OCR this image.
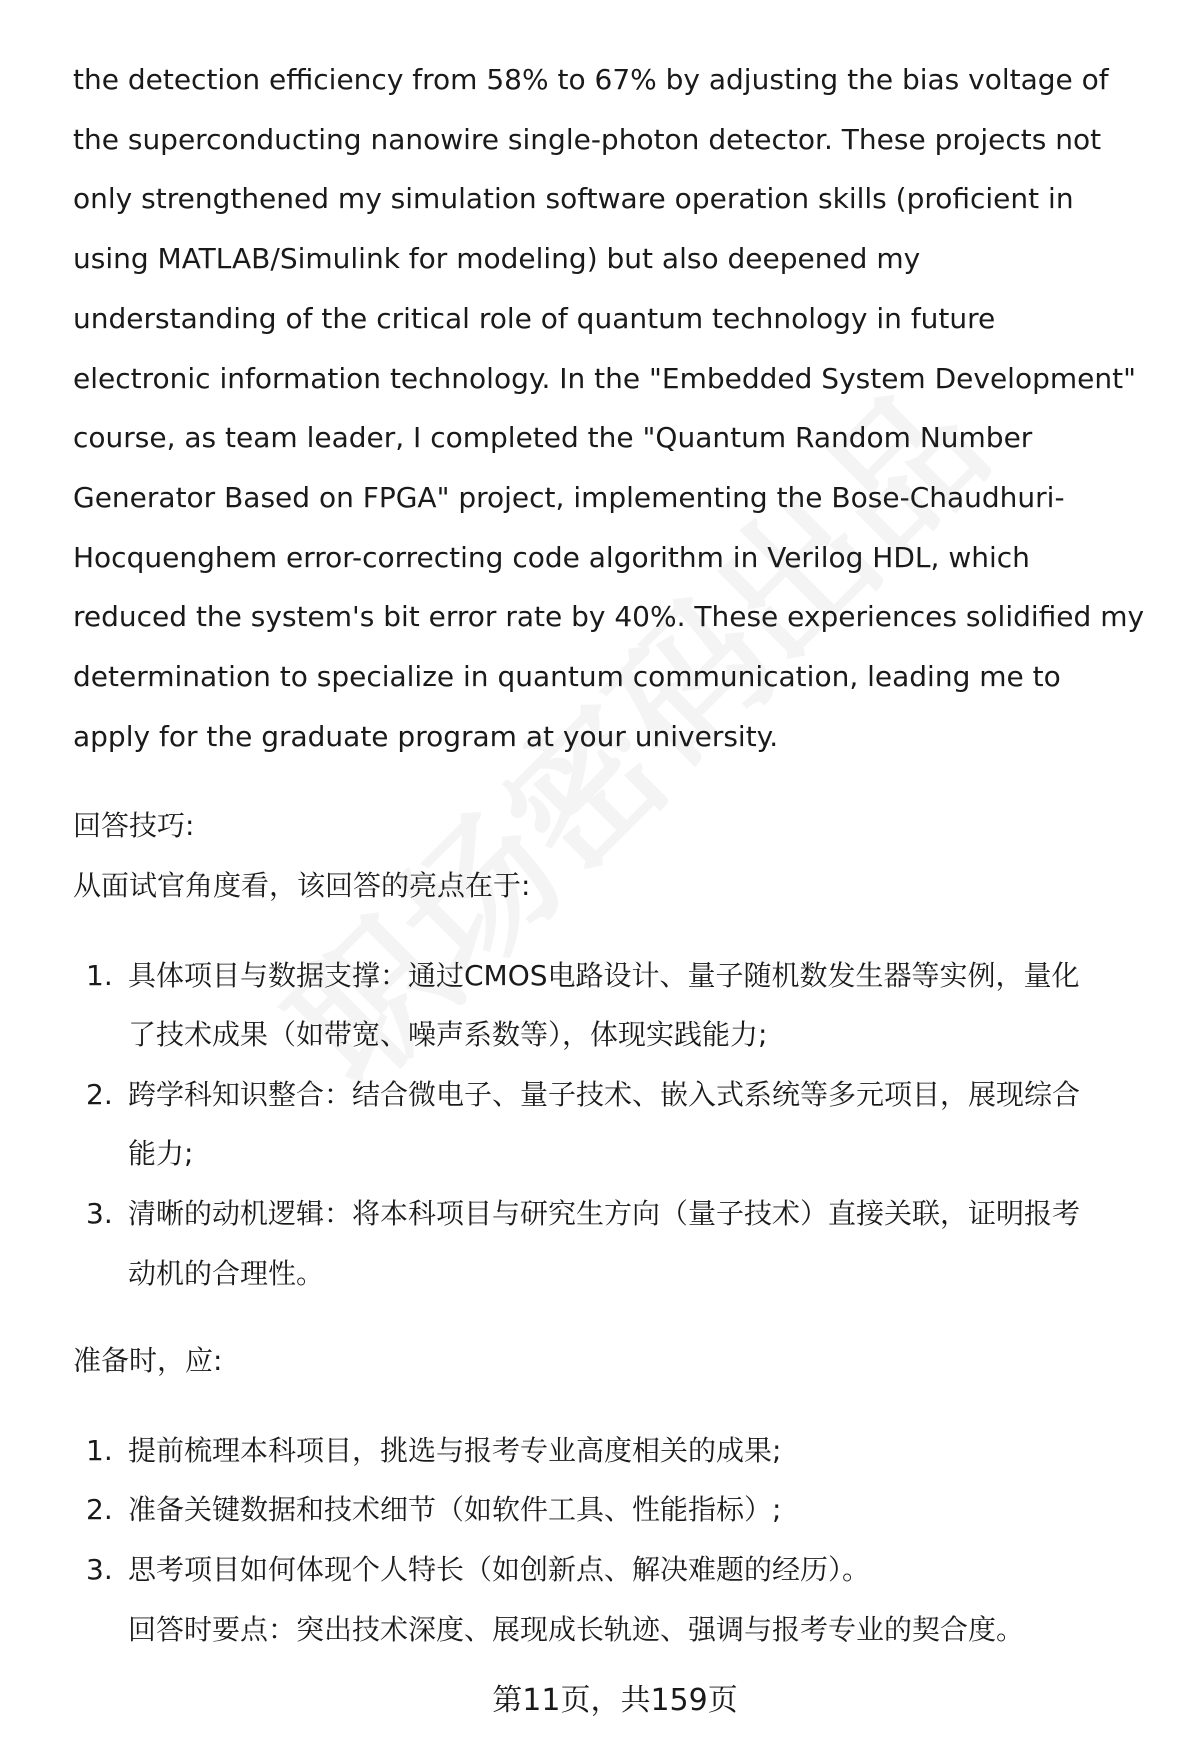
the detection efficiency from 58% to 67% by adjusting the bias voltage of
the superconducting nanowire single-photon detector. These projects not
only strengthened my simulation software operation skills (proficient in
using MATLAB/Simulink for modeling) but also deepened my
understanding of the critical role of quantum technology in future
electronic information technology. In the "Embedded System Development"
course, as team leader, I completed the "Quantum Random Number
Generator Based on FPGA" project, implementing the Bose-Chaudhuri-
Hocquenghem error-correcting code algorithm in Verilog HDL, which
reduced the system's bit error rate by 40%. These experiences solidified my
determination to specialize in quantum communication, leading me to
apply for the graduate program at your university.
回答技巧:
从面试官角度看，该回答的亮点在于:
1. 具体项目与数据支撑：通过CMOS电路设计、量子随机数发生器等实例，量化
了技术成果（如带宽、噪声系数等），体现实践能力;
2. 跨学科知识整合：结合微电子、量子技术、嵌入式系统等多元项目，展现综合
能力;
3. 清晰的动机逻辑：将本科项目与研究生方向（量子技术）直接关联，证明报考
动机的合理性。
准备时，应:
1. 提前梳理本科项目，挑选与报考专业高度相关的成果;
2. 准备关键数据和技术细节（如软件工具、性能指标）;
3. 思考项目如何体现个人特长（如创新点、解决难题的经历）。
回答时要点：突出技术深度、展现成长轨迹、强调与报考专业的契合度。
第11页，共159页
